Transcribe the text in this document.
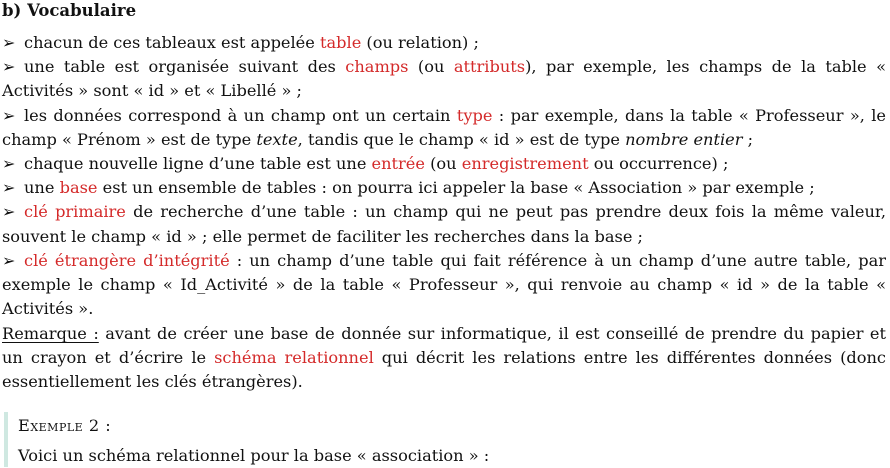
b) Vocabulaire

➢ chacun de ces tableaux est appelée table (ou relation) ;

➢ une table est organisée suivant des champs (ou attributs), par exemple, les champs de la table « Activités » sont « id » et « Libellé » ;

➢ les données correspond à un champ ont un certain type : par exemple, dans la table « Professeur », le champ « Prénom » est de type texte, tandis que le champ « id » est de type nombre entier ;

➢ chaque nouvelle ligne d’une table est une entrée (ou enregistrement ou occurrence) ;

➢ une base est un ensemble de tables : on pourra ici appeler la base « Association » par exemple ;

➢ clé primaire de recherche d’une table : un champ qui ne peut pas prendre deux fois la même valeur, souvent le champ « id » ; elle permet de faciliter les recherches dans la base ;

➢ clé étrangère d’intégrité : un champ d’une table qui fait référence à un champ d’une autre table, par exemple le champ « Id_Activité » de la table « Professeur », qui renvoie au champ « id » de la table « Activités ».

Remarque : avant de créer une base de donnée sur informatique, il est conseillé de prendre du papier et un crayon et d’écrire le schéma relationnel qui décrit les relations entre les différentes données (donc essentiellement les clés étrangères).
Exemple 2 :
Voici un schéma relationnel pour la base « association » :
